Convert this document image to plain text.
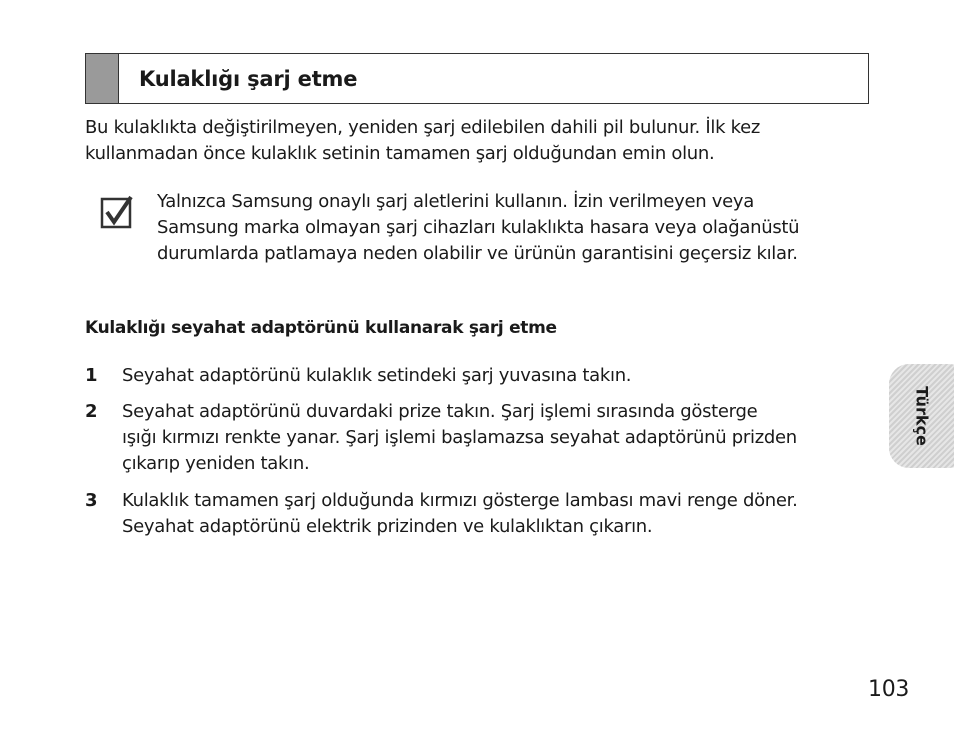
Kulaklığı şarj etme
Bu kulaklıkta değiştirilmeyen, yeniden şarj edilebilen dahili pil bulunur. İlk kez
kullanmadan önce kulaklık setinin tamamen şarj olduğundan emin olun.
Yalnızca Samsung onaylı şarj aletlerini kullanın. İzin verilmeyen veya
Samsung marka olmayan şarj cihazları kulaklıkta hasara veya olağanüstü
durumlarda patlamaya neden olabilir ve ürünün garantisini geçersiz kılar.
Kulaklığı seyahat adaptörünü kullanarak şarj etme
1 Seyahat adaptörünü kulaklık setindeki şarj yuvasına takın.
2 Seyahat adaptörünü duvardaki prize takın. Şarj işlemi sırasında gösterge
ışığı kırmızı renkte yanar. Şarj işlemi başlamazsa seyahat adaptörünü prizden
çıkarıp yeniden takın.
3 Kulaklık tamamen şarj olduğunda kırmızı gösterge lambası mavi renge döner.
Seyahat adaptörünü elektrik prizinden ve kulaklıktan çıkarın.
Türkçe
103
